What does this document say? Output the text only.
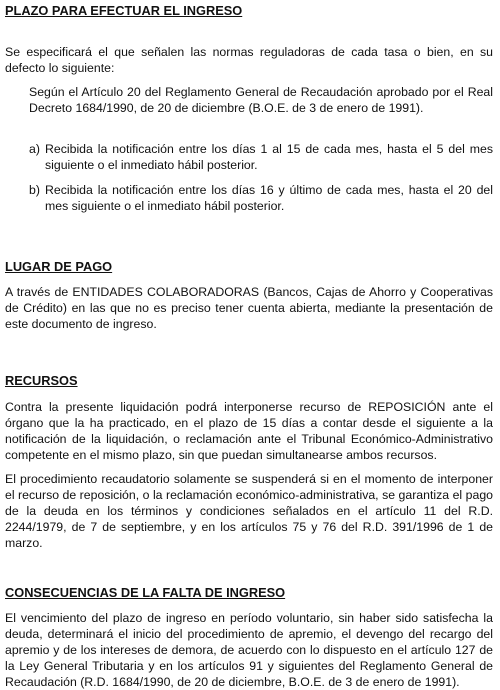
PLAZO PARA EFECTUAR EL INGRESO
Se especificará el que señalen las normas reguladoras de cada tasa o bien, en su defecto lo siguiente:
Según el Artículo 20 del Reglamento General de Recaudación aprobado por el Real Decreto 1684/1990, de 20 de diciembre (B.O.E. de 3 de enero de 1991).
a) Recibida la notificación entre los días 1 al 15 de cada mes, hasta el 5 del mes siguiente o el inmediato hábil posterior.
b) Recibida la notificación entre los días 16 y último de cada mes, hasta el 20 del mes siguiente o el inmediato hábil posterior.
LUGAR DE PAGO
A través de ENTIDADES COLABORADORAS (Bancos, Cajas de Ahorro y Cooperativas de Crédito) en las que no es preciso tener cuenta abierta, mediante la presentación de este documento de ingreso.
RECURSOS
Contra la presente liquidación podrá interponerse recurso de REPOSICIÓN ante el órgano que la ha practicado, en el plazo de 15 días a contar desde el siguiente a la notificación de la liquidación, o reclamación ante el Tribunal Económico-Administrativo competente en el mismo plazo, sin que puedan simultanearse ambos recursos.
El procedimiento recaudatorio solamente se suspenderá si en el momento de interponer el recurso de reposición, o la reclamación económico-administrativa, se garantiza el pago de la deuda en los términos y condiciones señalados en el artículo 11 del R.D. 2244/1979, de 7 de septiembre, y en los artículos 75 y 76 del R.D. 391/1996 de 1 de marzo.
CONSECUENCIAS DE LA FALTA DE INGRESO
El vencimiento del plazo de ingreso en período voluntario, sin haber sido satisfecha la deuda, determinará el inicio del procedimiento de apremio, el devengo del recargo del apremio y de los intereses de demora, de acuerdo con lo dispuesto en el artículo 127 de la Ley General Tributaria y en los artículos 91 y siguientes del Reglamento General de Recaudación (R.D. 1684/1990, de 20 de diciembre, B.O.E. de 3 de enero de 1991).
